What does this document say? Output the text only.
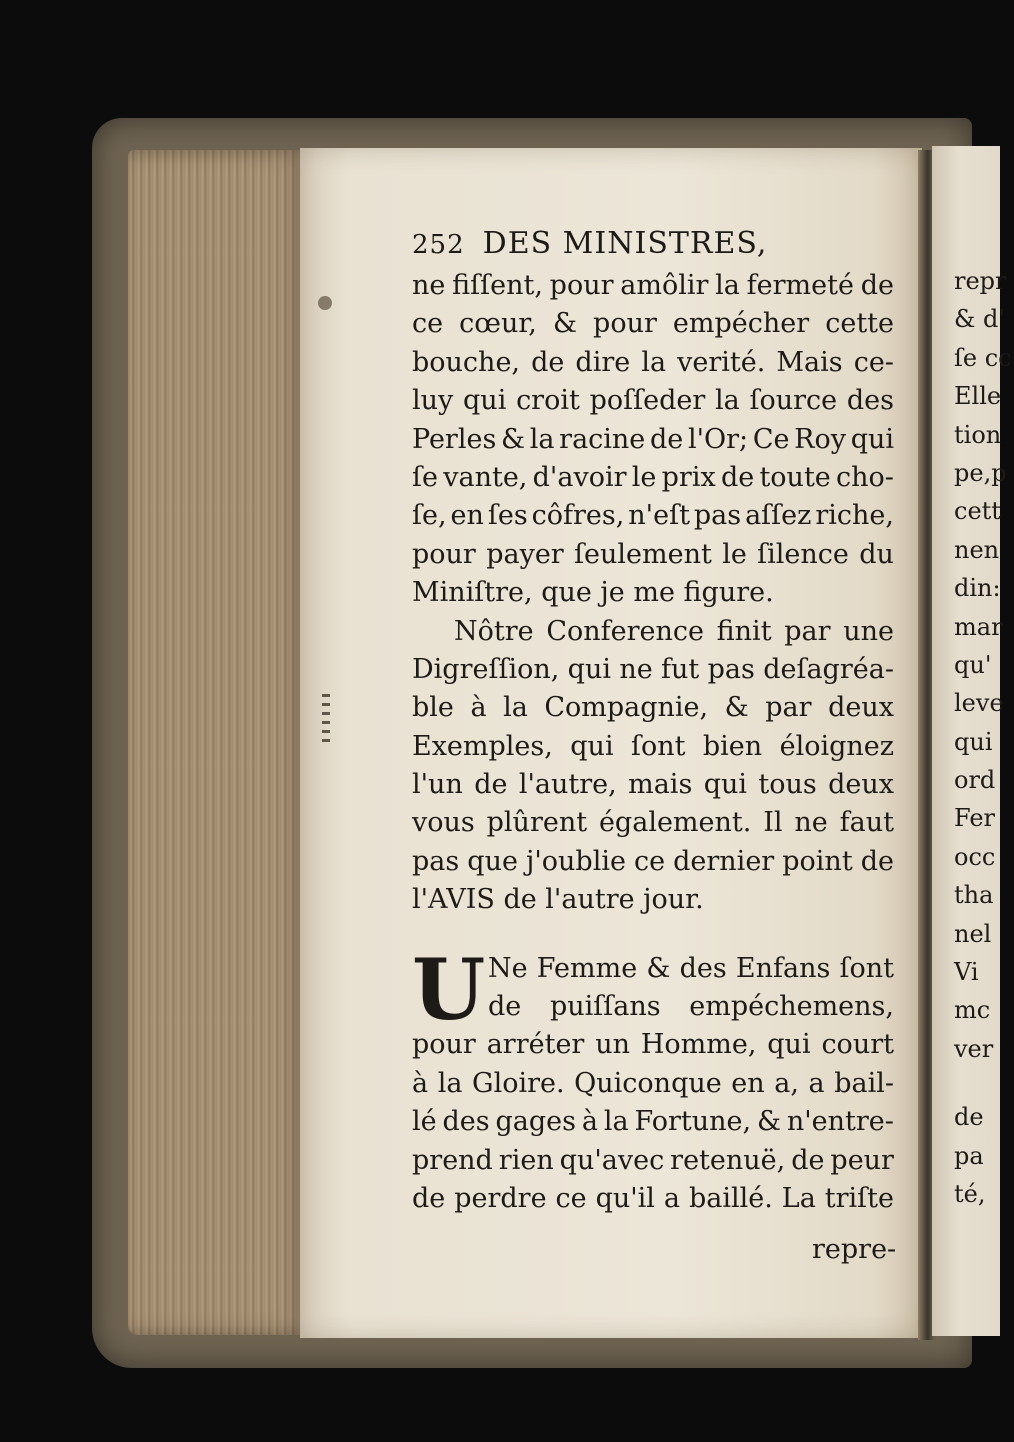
252 DES MINISTRES,
ne fiſſent, pour amôlir la fermeté de
ce cœur, & pour empécher cette
bouche, de dire la verité. Mais ce-
luy qui croit poſſeder la ſource des
Perles & la racine de l'Or; Ce Roy qui
ſe vante, d'avoir le prix de toute cho-
ſe, en ſes côfres, n'eſt pas aſſez riche,
pour payer ſeulement le ſilence du
Miniſtre, que je me figure.
Nôtre Conference finit par une
Digreſſion, qui ne fut pas deſagréa-
ble à la Compagnie, & par deux
Exemples, qui ſont bien éloignez
l'un de l'autre, mais qui tous deux
vous plûrent également. Il ne faut
pas que j'oublie ce dernier point de
l'AVIS de l'autre jour.
U Ne Femme & des Enfans ſont
de puiſſans empéchemens,
pour arréter un Homme, qui court
à la Gloire. Quiconque en a, a bail-
lé des gages à la Fortune, & n'entre-
prend rien qu'avec retenuë, de peur
de perdre ce qu'il a baillé. La triſte
repre-
repr
& d'
ſe cc
Elle
tion
pe,p
cett
nen
din:
mar
qu'
leve
qui
ord
Fer
occ
tha
nel
Vi
mc
ver
de
pa
té,
